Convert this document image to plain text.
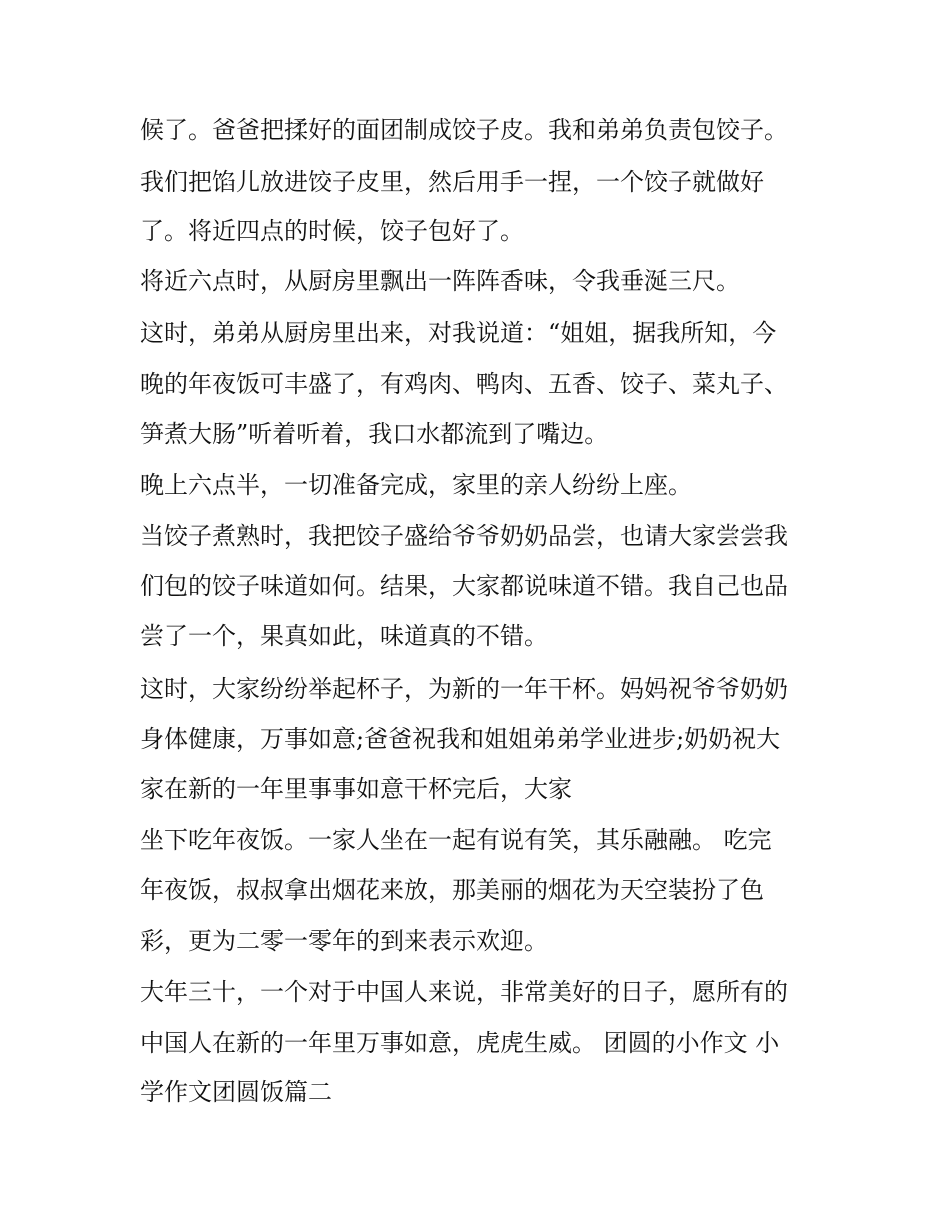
候了。爸爸把揉好的面团制成饺子皮。我和弟弟负责包饺子。

我们把馅儿放进饺子皮里，然后用手一捏，一个饺子就做好

了。将近四点的时候，饺子包好了。

将近六点时，从厨房里飘出一阵阵香味，令我垂涎三尺。

这时，弟弟从厨房里出来，对我说道：“姐姐，据我所知，今

晚的年夜饭可丰盛了，有鸡肉、鸭肉、五香、饺子、菜丸子、

笋煮大肠”听着听着，我口水都流到了嘴边。

晚上六点半，一切准备完成，家里的亲人纷纷上座。

当饺子煮熟时，我把饺子盛给爷爷奶奶品尝，也请大家尝尝我

们包的饺子味道如何。结果，大家都说味道不错。我自己也品

尝了一个，果真如此，味道真的不错。

这时，大家纷纷举起杯子，为新的一年干杯。妈妈祝爷爷奶奶

身体健康，万事如意;爸爸祝我和姐姐弟弟学业进步;奶奶祝大

家在新的一年里事事如意干杯完后，大家

坐下吃年夜饭。一家人坐在一起有说有笑，其乐融融。 吃完

年夜饭，叔叔拿出烟花来放，那美丽的烟花为天空装扮了色

彩，更为二零一零年的到来表示欢迎。

大年三十，一个对于中国人来说，非常美好的日子，愿所有的

中国人在新的一年里万事如意，虎虎生威。 团圆的小作文 小

学作文团圆饭篇二
